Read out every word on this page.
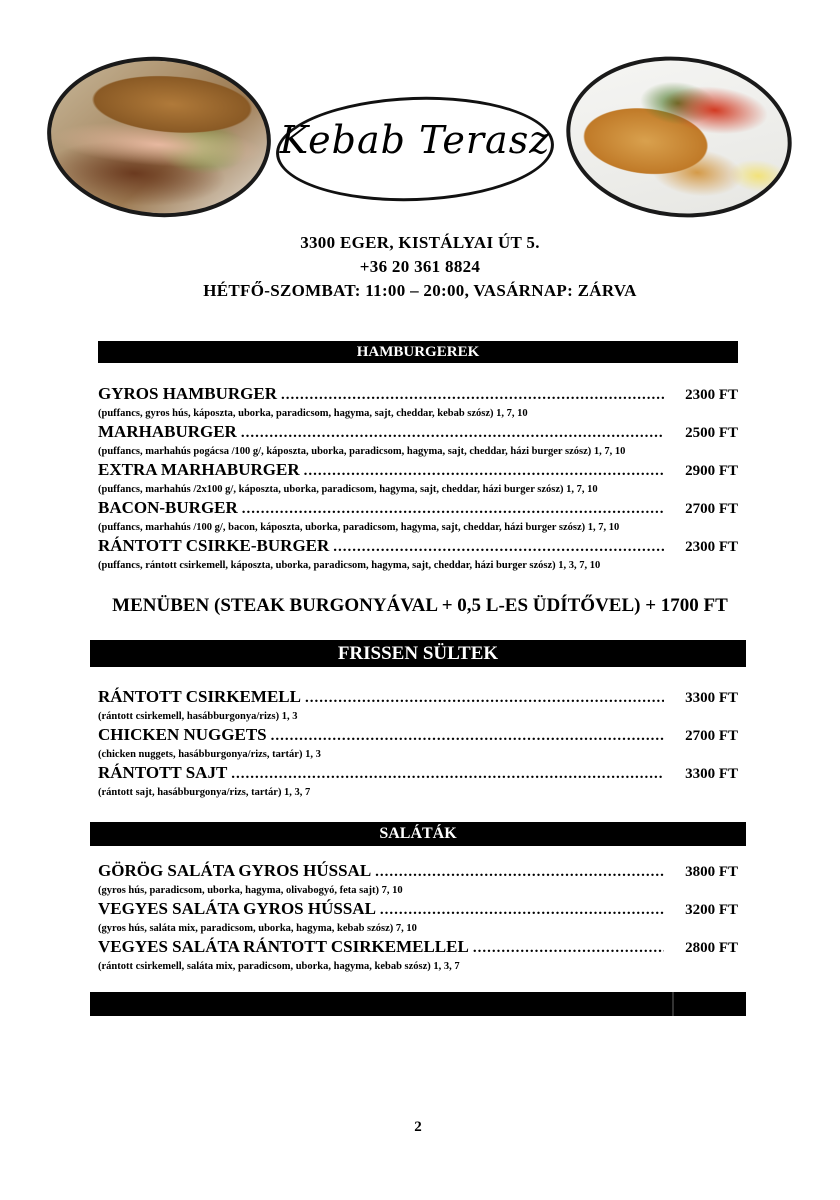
Kebab Terasz
3300 EGER, KISTÁLYAI ÚT 5.
+36 20 361 8824
HÉTFŐ-SZOMBAT: 11:00 – 20:00, VASÁRNAP: ZÁRVA
HAMBURGEREK
GYROS HAMBURGER .....	2300 FT
(puffancs, gyros hús, káposzta, uborka, paradicsom, hagyma, sajt, cheddar, kebab szósz) 1, 7, 10
MARHABURGER .....	2500 FT
(puffancs, marhahús pogácsa /100 g/, káposzta, uborka, paradicsom, hagyma, sajt, cheddar, házi burger szósz) 1, 7, 10
EXTRA MARHABURGER .....	2900 FT
(puffancs, marhahús /2x100 g/, káposzta, uborka, paradicsom, hagyma, sajt, cheddar, házi burger szósz) 1, 7, 10
BACON-BURGER .....	2700 FT
(puffancs, marhahús /100 g/, bacon, káposzta, uborka, paradicsom, hagyma, sajt, cheddar, házi burger szósz) 1, 7, 10
RÁNTOTT CSIRKE-BURGER .....	2300 FT
(puffancs, rántott csirkemell, káposzta, uborka, paradicsom, hagyma, sajt, cheddar, házi burger szósz) 1, 3, 7, 10
MENÜBEN (STEAK BURGONYÁVAL + 0,5 L-ES ÜDÍTŐVEL) + 1700 FT
FRISSEN SÜLTEK
RÁNTOTT CSIRKEMELL .....	3300 FT
(rántott csirkemell, hasábburgonya/rizs) 1, 3
CHICKEN NUGGETS .....	2700 FT
(chicken nuggets, hasábburgonya/rizs, tartár) 1, 3
RÁNTOTT SAJT .....	3300 FT
(rántott sajt, hasábburgonya/rizs, tartár) 1, 3, 7
SALÁTÁK
GÖRÖG SALÁTA GYROS HÚSSAL .....	3800 FT
(gyros hús, paradicsom, uborka, hagyma, olivabogyó, feta sajt) 7, 10
VEGYES SALÁTA GYROS HÚSSAL .....	3200 FT
(gyros hús, saláta mix, paradicsom, uborka, hagyma, kebab szósz) 7, 10
VEGYES SALÁTA RÁNTOTT CSIRKEMELLEL .....	2800 FT
(rántott csirkemell, saláta mix, paradicsom, uborka, hagyma, kebab szósz) 1, 3, 7
2
